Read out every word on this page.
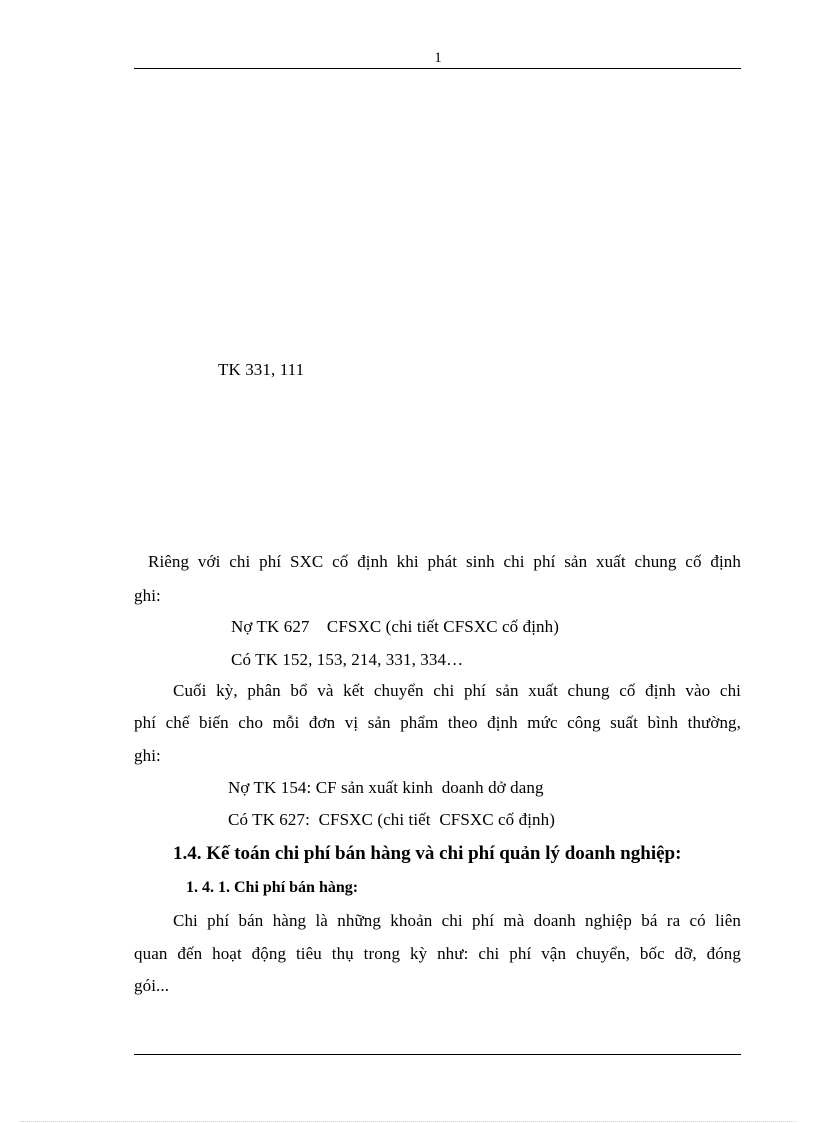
1
TK 331, 111
Riêng với chi phí SXC cố định khi phát sinh chi phí sản xuất chung cố định
ghi:
Nợ TK 627    CFSXC (chi tiết CFSXC cố định)
Có TK 152, 153, 214, 331, 334…
Cuối kỳ, phân bổ và kết chuyển chi phí sản xuất chung cố định vào chi
phí chế biến cho mỗi đơn vị sản phẩm theo định mức công suất bình thường,
ghi:
Nợ TK 154: CF sản xuất kinh  doanh dở dang
Có TK 627:  CFSXC (chi tiết  CFSXC cố định)
1.4. Kế toán chi phí bán hàng và chi phí quản lý doanh nghiệp:
1. 4. 1. Chi phí bán hàng:
Chi phí bán hàng là những khoản chi phí mà doanh nghiệp bá ra có liên
quan đến hoạt động tiêu thụ trong kỳ như: chi phí vận chuyển, bốc dỡ, đóng
gói...
